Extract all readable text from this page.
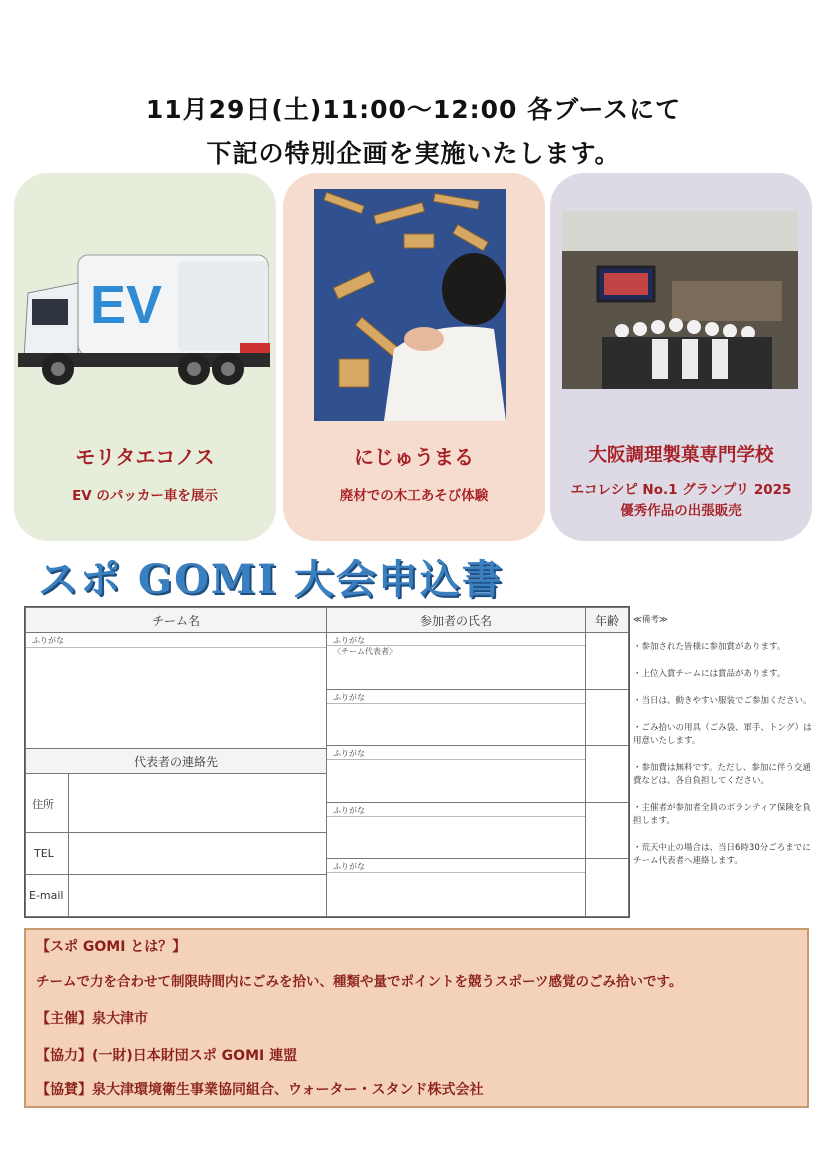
11月29日(土)11:00〜12:00 各ブースにて
下記の特別企画を実施いたします。
EV
モリタエコノス
EV のパッカー車を展示
にじゅうまる
廃材での木工あそび体験
大阪調理製菓専門学校
エコレシピ No.1 グランプリ 2025
優秀作品の出張販売
スポ GOMI 大会申込書
チーム名	参加者の氏名	年齢
ふりがな
代表者の連絡先
住所
TEL
E-mail
ふりがな
〈チーム代表者〉
ふりがな
ふりがな
ふりがな
ふりがな

≪備考≫

・参加された皆様に参加賞があります。

・上位入賞チームには賞品があります。

・当日は、動きやすい服装でご参加ください。

・ごみ拾いの用具（ごみ袋、軍手、トング）は用意いたします。

・参加費は無料です。ただし、参加に伴う交通費などは、各自負担してください。

・主催者が参加者全員のボランティア保険を負担します。

・荒天中止の場合は、当日6時30分ごろまでにチーム代表者へ連絡します。

【スポ GOMI とは？】
チームで力を合わせて制限時間内にごみを拾い、種類や量でポイントを競うスポーツ感覚のごみ拾いです。
【主催】泉大津市
【協力】(一財)日本財団スポ GOMI 連盟
【協賛】泉大津環境衛生事業協同組合、ウォーター・スタンド株式会社
